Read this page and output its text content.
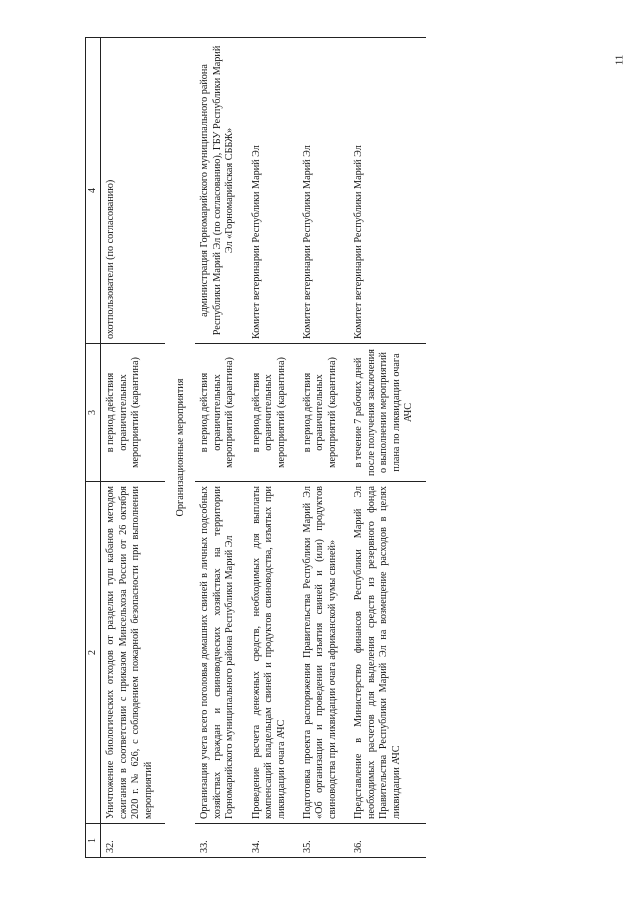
11
1	2	3	4
32.	Уничтожение биологических отходов от разделки туш кабанов методом сжигания в соответствии с приказом Минсельхоза России от 26 октября 2020 г. № 626, с соблюдением пожарной безопасности при выполнении мероприятий	в период действия ограничительных мероприятий (карантина)	охотпользователи (по согласованию)
Организационные мероприятия			
33.	Организация учета всего поголовья домашних свиней в личных подсобных хозяйствах граждан и свиноводческих хозяйствах на территории Горномарийского муниципального района Республики Марий Эл	в период действия ограничительных мероприятий (карантина)	администрация Горномарийского муниципального района Республики Марий Эл (по согласованию), ГБУ Республики Марий Эл «Горномарийская СББЖ»
34.	Проведение расчета денежных средств, необходимых для выплаты компенсаций владельцам свиней и продуктов свиноводства, изъятых при ликвидации очага АЧС	в период действия ограничительных мероприятий (карантина)	Комитет ветеринарии Республики Марий Эл
35.	Подготовка проекта распоряжения Правительства Республики Марий Эл «Об организации и проведении изъятия свиней и (или) продуктов свиноводства при ликвидации очага африканской чумы свиней»	в период действия ограничительных мероприятий (карантина)	Комитет ветеринарии Республики Марий Эл
36.	Представление в Министерство финансов Республики Марий Эл необходимых расчетов для выделения средств из резервного фонда Правительства Республики Марий Эл на возмещение расходов в целях ликвидации АЧС	в течение 7 рабочих дней после получения заключения о выполнении мероприятий плана по ликвидации очага АЧС	Комитет ветеринарии Республики Марий Эл
